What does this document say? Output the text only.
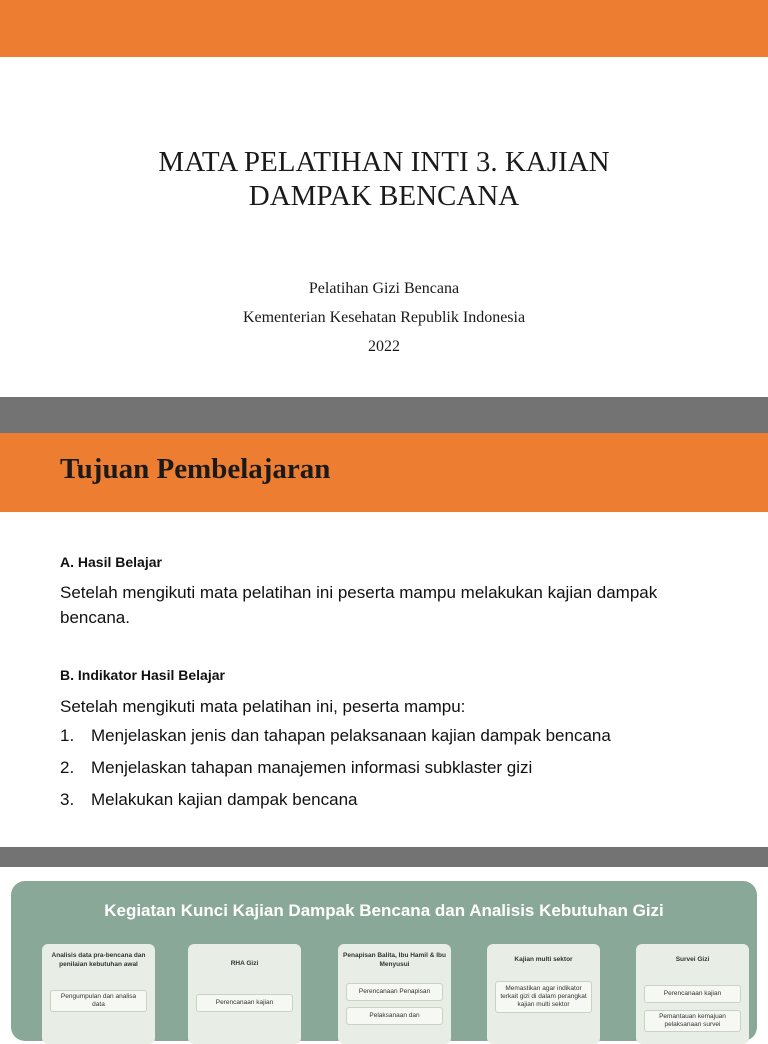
MATA PELATIHAN INTI 3. KAJIAN
DAMPAK BENCANA
Pelatihan Gizi Bencana
Kementerian Kesehatan Republik Indonesia
2022
Tujuan Pembelajaran
A. Hasil Belajar
Setelah mengikuti mata pelatihan ini peserta mampu melakukan kajian dampak bencana.
B. Indikator Hasil Belajar
Setelah mengikuti mata pelatihan ini, peserta mampu:
1. Menjelaskan jenis dan tahapan pelaksanaan kajian dampak bencana
2. Menjelaskan tahapan manajemen informasi subklaster gizi
3. Melakukan kajian dampak bencana
Kegiatan Kunci Kajian Dampak Bencana dan Analisis Kebutuhan Gizi
Analisis data pra-bencana dan penilaian kebutuhan awal
Pengumpulan dan analisa data
RHA Gizi
Perencanaan kajian
Penapisan Balita, Ibu Hamil & Ibu Menyusui
Perencanaan Penapisan
Pelaksanaan dan
Kajian multi sektor
Memastikan agar indikator terkait gizi di dalam perangkat kajian multi sektor
Survei Gizi
Perencanaan kajian
Pemantauan kemajuan pelaksanaan survei
